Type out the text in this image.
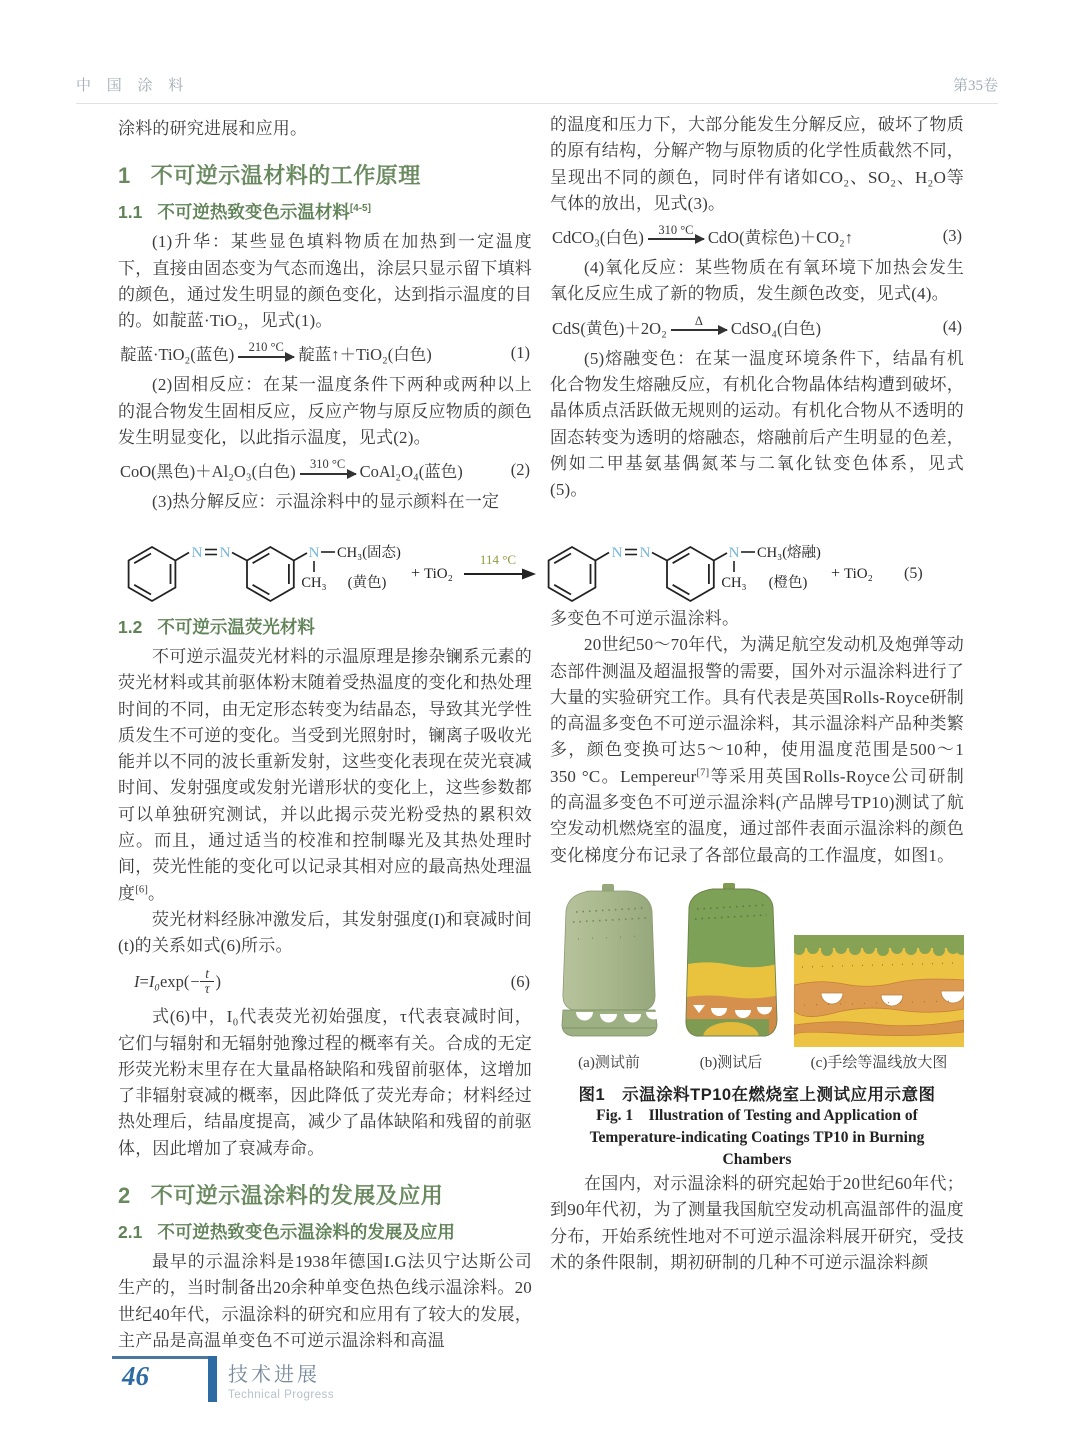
中 国 涂 料	第35卷

涂料的研究进展和应用。

1 不可逆示温材料的工作原理
1.1 不可逆热致变色示温材料[4-5]

(1)升华：某些显色填料物质在加热到一定温度下，直接由固态变为气态而逸出，涂层只显示留下填料的颜色，通过发生明显的颜色变化，达到指示温度的目的。如靛蓝·TiO₂，见式(1)。

靛蓝·TiO₂(蓝色) 210 °C 靛蓝↑＋TiO₂(白色)	(1)

(2)固相反应：在某一温度条件下两种或两种以上的混合物发生固相反应，反应产物与原反应物质的颜色发生明显变化，以此指示温度，见式(2)。

CoO(黑色)＋Al₂O₃(白色) 310 °C CoAl₂O₄(蓝色)	(2)

(3)热分解反应：示温涂料中的显示颜料在一定

的温度和压力下，大部分能发生分解反应，破坏了物质的原有结构，分解产物与原物质的化学性质截然不同，呈现出不同的颜色，同时伴有诸如CO₂、SO₂、H₂O等气体的放出，见式(3)。

CdCO₃(白色) 310 °C CdO(黄棕色)＋CO₂↑	(3)

(4)氧化反应：某些物质在有氧环境下加热会发生氧化反应生成了新的物质，发生颜色改变，见式(4)。

CdS(黄色)＋2O₂ Δ CdSO₄(白色)	(4)

(5)熔融变色：在某一温度环境条件下，结晶有机化合物发生熔融反应，有机化合物晶体结构遭到破坏，晶体质点活跃做无规则的运动。有机化合物从不透明的固态转变为透明的熔融态，熔融前后产生明显的色差，例如二甲基氨基偶氮苯与二氧化钛变色体系，见式(5)。

N N	N CH₃(固态)
CH₃ (黄色)
+ TiO₂
114 °C	N N	N CH₃(熔融)
CH₃ (橙色)
+ TiO₂ (5)
1.2 不可逆示温荧光材料

不可逆示温荧光材料的示温原理是掺杂镧系元素的荧光材料或其前驱体粉末随着受热温度的变化和热处理时间的不同，由无定形态转变为结晶态，导致其光学性质发生不可逆的变化。当受到光照射时，镧离子吸收光能并以不同的波长重新发射，这些变化表现在荧光衰减时间、发射强度或发射光谱形状的变化上，这些参数都可以单独研究测试，并以此揭示荧光粉受热的累积效应。而且，通过适当的校准和控制曝光及其热处理时间，荧光性能的变化可以记录其相对应的最高热处理温度[6]。

荧光材料经脉冲激发后，其发射强度(I)和衰减时间(t)的关系如式(6)所示。

I = I₀ $\exp( - \frac{t}{\tau}$ )	(6)

式(6)中，I₀代表荧光初始强度，τ代表衰减时间，它们与辐射和无辐射弛豫过程的概率有关。合成的无定形荧光粉末里存在大量晶格缺陷和残留前驱体，这增加了非辐射衰减的概率，因此降低了荧光寿命；材料经过热处理后，结晶度提高，减少了晶体缺陷和残留的前驱体，因此增加了衰减寿命。

2 不可逆示温涂料的发展及应用
2.1 不可逆热致变色示温涂料的发展及应用

最早的示温涂料是1938年德国I.G法贝宁达斯公司生产的，当时制备出20余种单变色热色线示温涂料。20世纪40年代，示温涂料的研究和应用有了较大的发展，主产品是高温单变色不可逆示温涂料和高温

多变色不可逆示温涂料。

20世纪50～70年代，为满足航空发动机及炮弹等动态部件测温及超温报警的需要，国外对示温涂料进行了大量的实验研究工作。具有代表是英国Rolls-Royce研制的高温多变色不可逆示温涂料，其示温涂料产品种类繁多，颜色变换可达5～10种，使用温度范围是500～1 350 °C。Lempereur[7]等采用英国Rolls-Royce公司研制的高温多变色不可逆示温涂料(产品牌号TP10)测试了航空发动机燃烧室的温度，通过部件表面示温涂料的颜色变化梯度分布记录了各部位最高的工作温度，如图1。

(a)测试前	(b)测试后	(c)手绘等温线放大图
图1　示温涂料TP10在燃烧室上测试应用示意图
Fig. 1　Illustration of Testing and Application of
Temperature-indicating Coatings TP10 in Burning
Chambers

在国内，对示温涂料的研究起始于20世纪60年代；到90年代初，为了测量我国航空发动机高温部件的温度分布，开始系统性地对不可逆示温涂料展开研究，受技术的条件限制，期初研制的几种不可逆示温涂料颜

46	技术进展
Technical Progress
